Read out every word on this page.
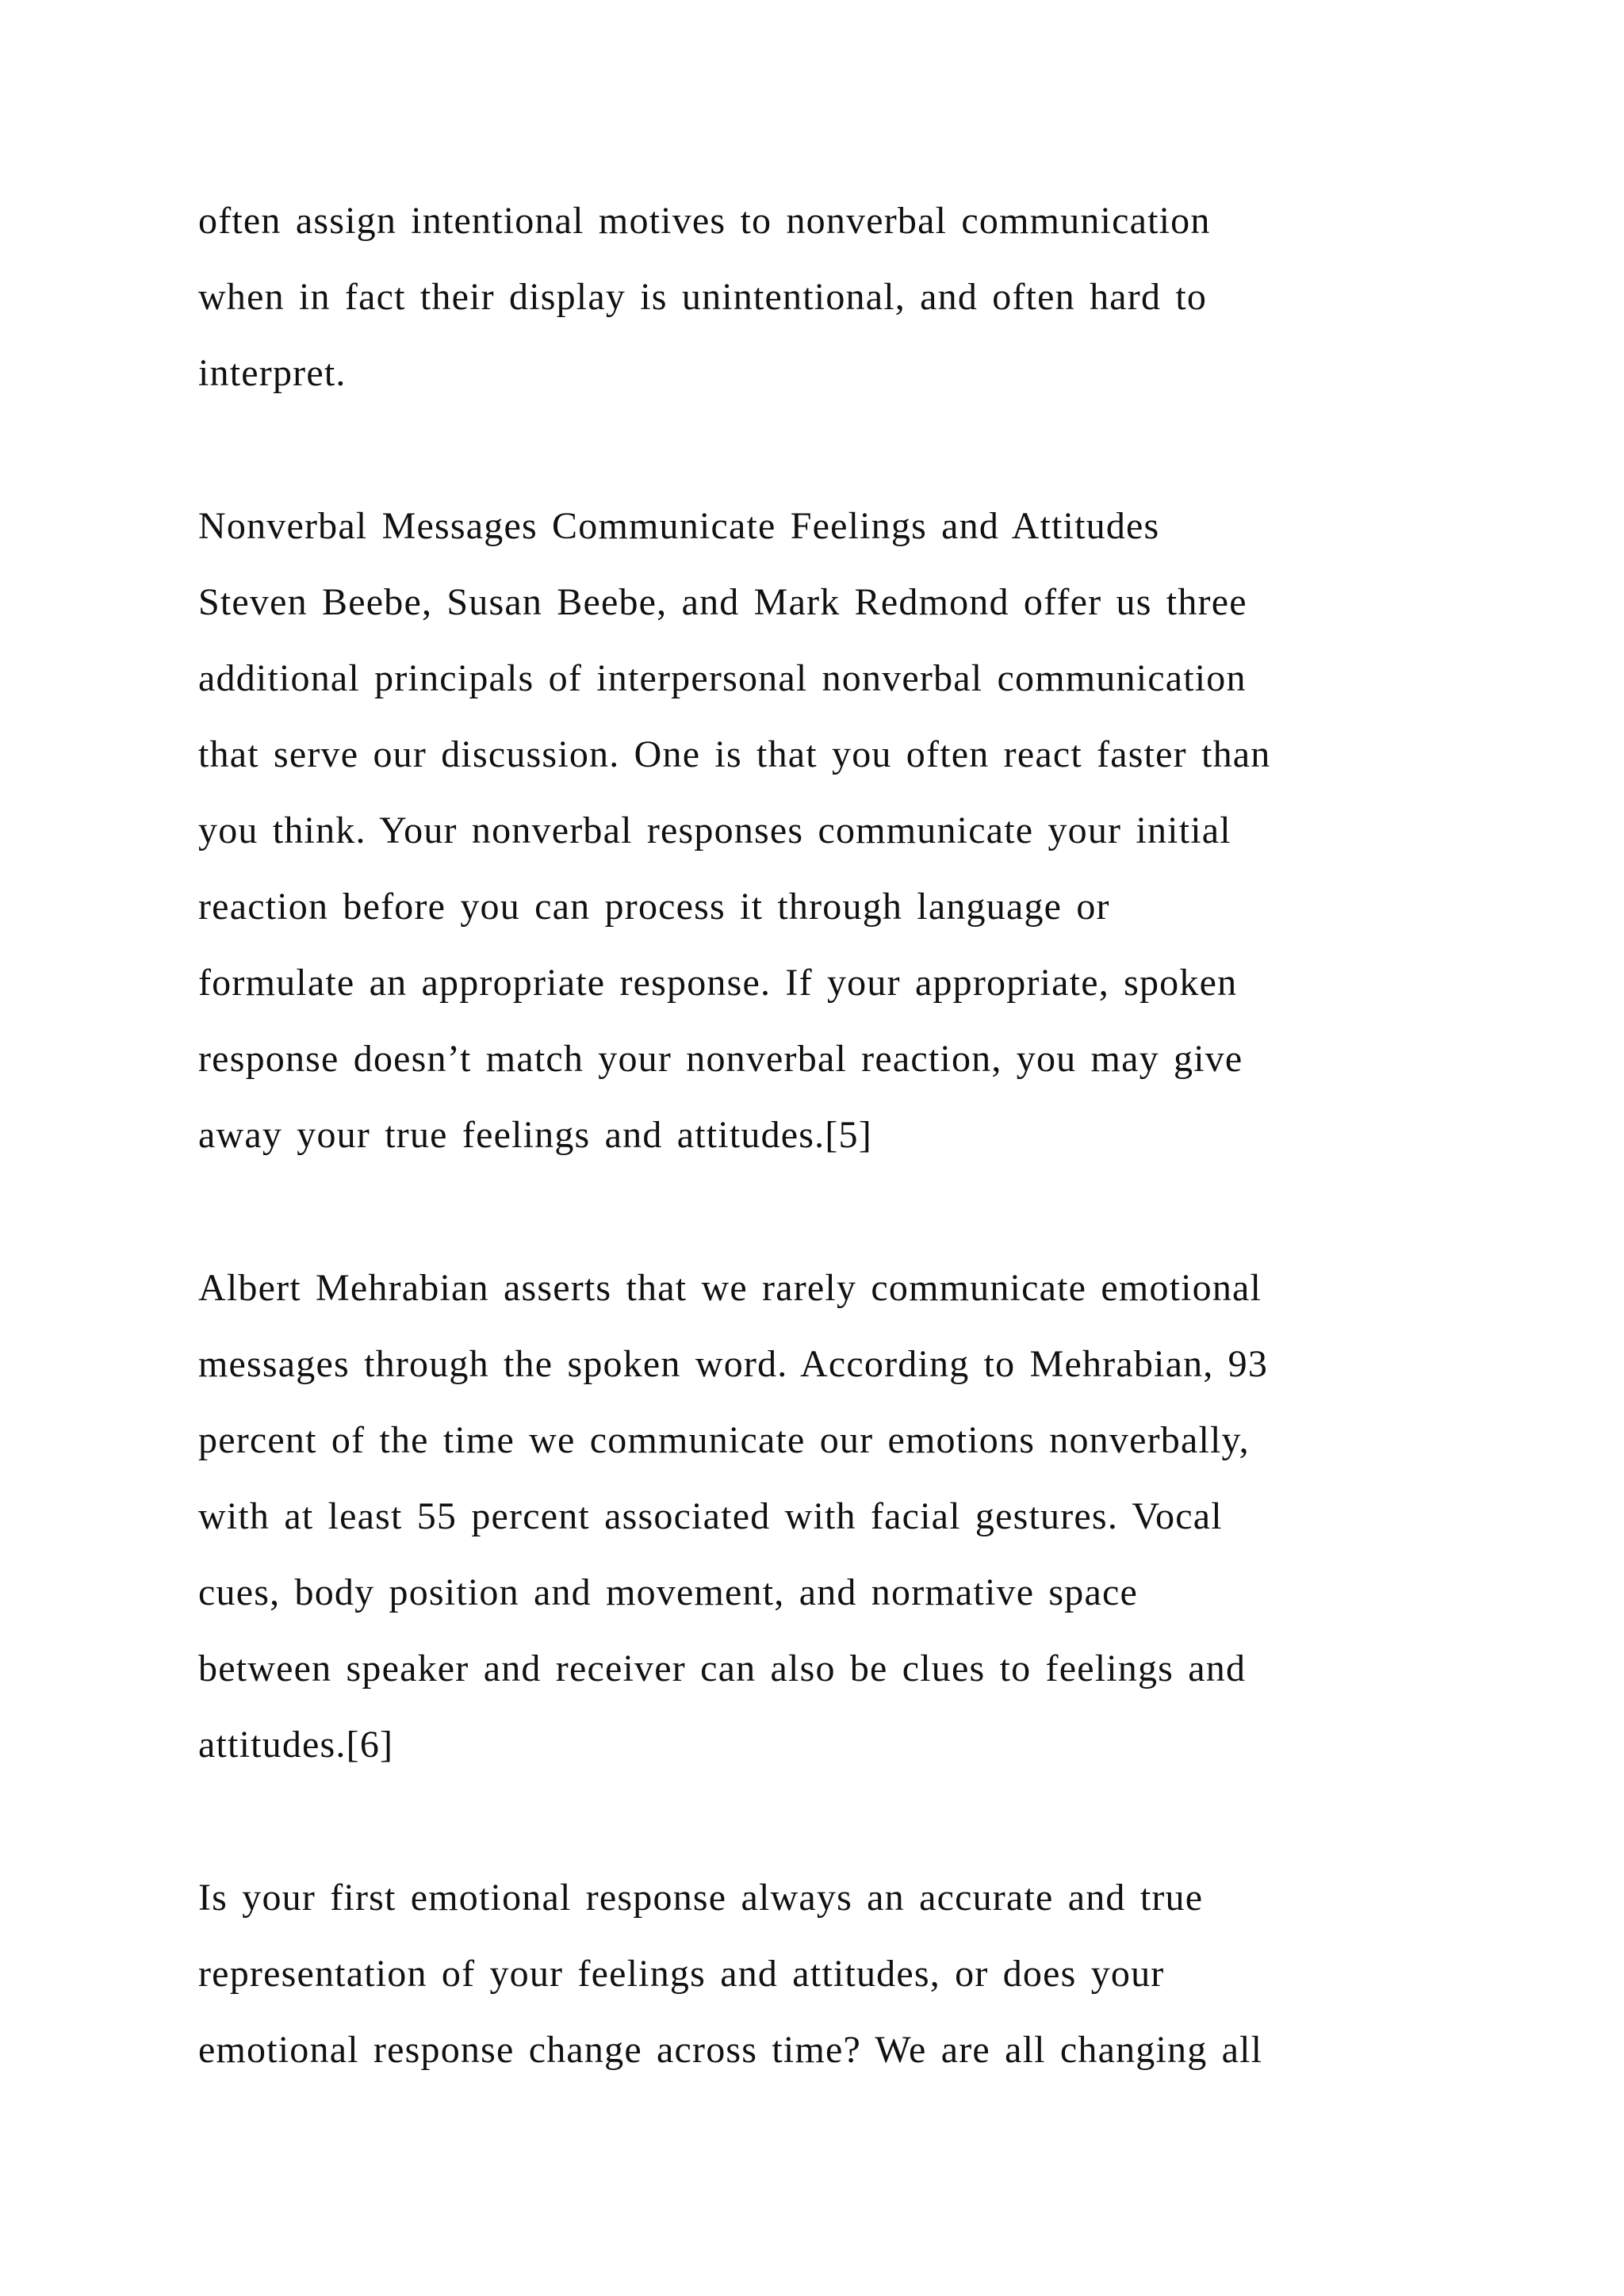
often assign intentional motives to nonverbal communication
when in fact their display is unintentional, and often hard to
interpret.
Nonverbal Messages Communicate Feelings and Attitudes
Steven Beebe, Susan Beebe, and Mark Redmond offer us three
additional principals of interpersonal nonverbal communication
that serve our discussion. One is that you often react faster than
you think. Your nonverbal responses communicate your initial
reaction before you can process it through language or
formulate an appropriate response. If your appropriate, spoken
response doesn’t match your nonverbal reaction, you may give
away your true feelings and attitudes.[5]
Albert Mehrabian asserts that we rarely communicate emotional
messages through the spoken word. According to Mehrabian, 93
percent of the time we communicate our emotions nonverbally,
with at least 55 percent associated with facial gestures. Vocal
cues, body position and movement, and normative space
between speaker and receiver can also be clues to feelings and
attitudes.[6]
Is your first emotional response always an accurate and true
representation of your feelings and attitudes, or does your
emotional response change across time? We are all changing all
